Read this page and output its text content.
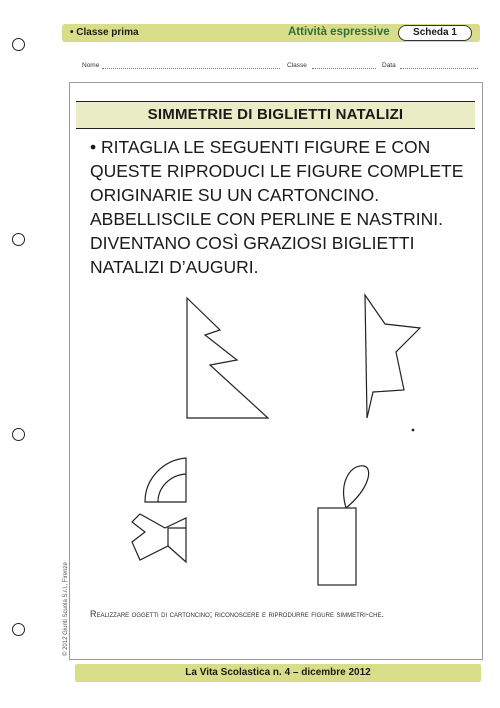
• Classe prima	Attività espressive	Scheda 1
Nome	Classe	Data
SIMMETRIE DI BIGLIETTI NATALIZI
• RITAGLIA LE SEGUENTI FIGURE E CON QUESTE RIPRODUCI LE FIGURE COMPLETE ORIGINARIE SU UN CARTONCINO. ABBELLISCILE CON PERLINE E NASTRINI. DIVENTANO COSÌ GRAZIOSI BIGLIETTI NATALIZI D’AUGURI.
Realizzare oggetti di cartoncino; riconoscere e riprodurre figure simmetri-che.
© 2012 Giunti Scuola S.r.l., Firenze
La Vita Scolastica n. 4 – dicembre 2012
